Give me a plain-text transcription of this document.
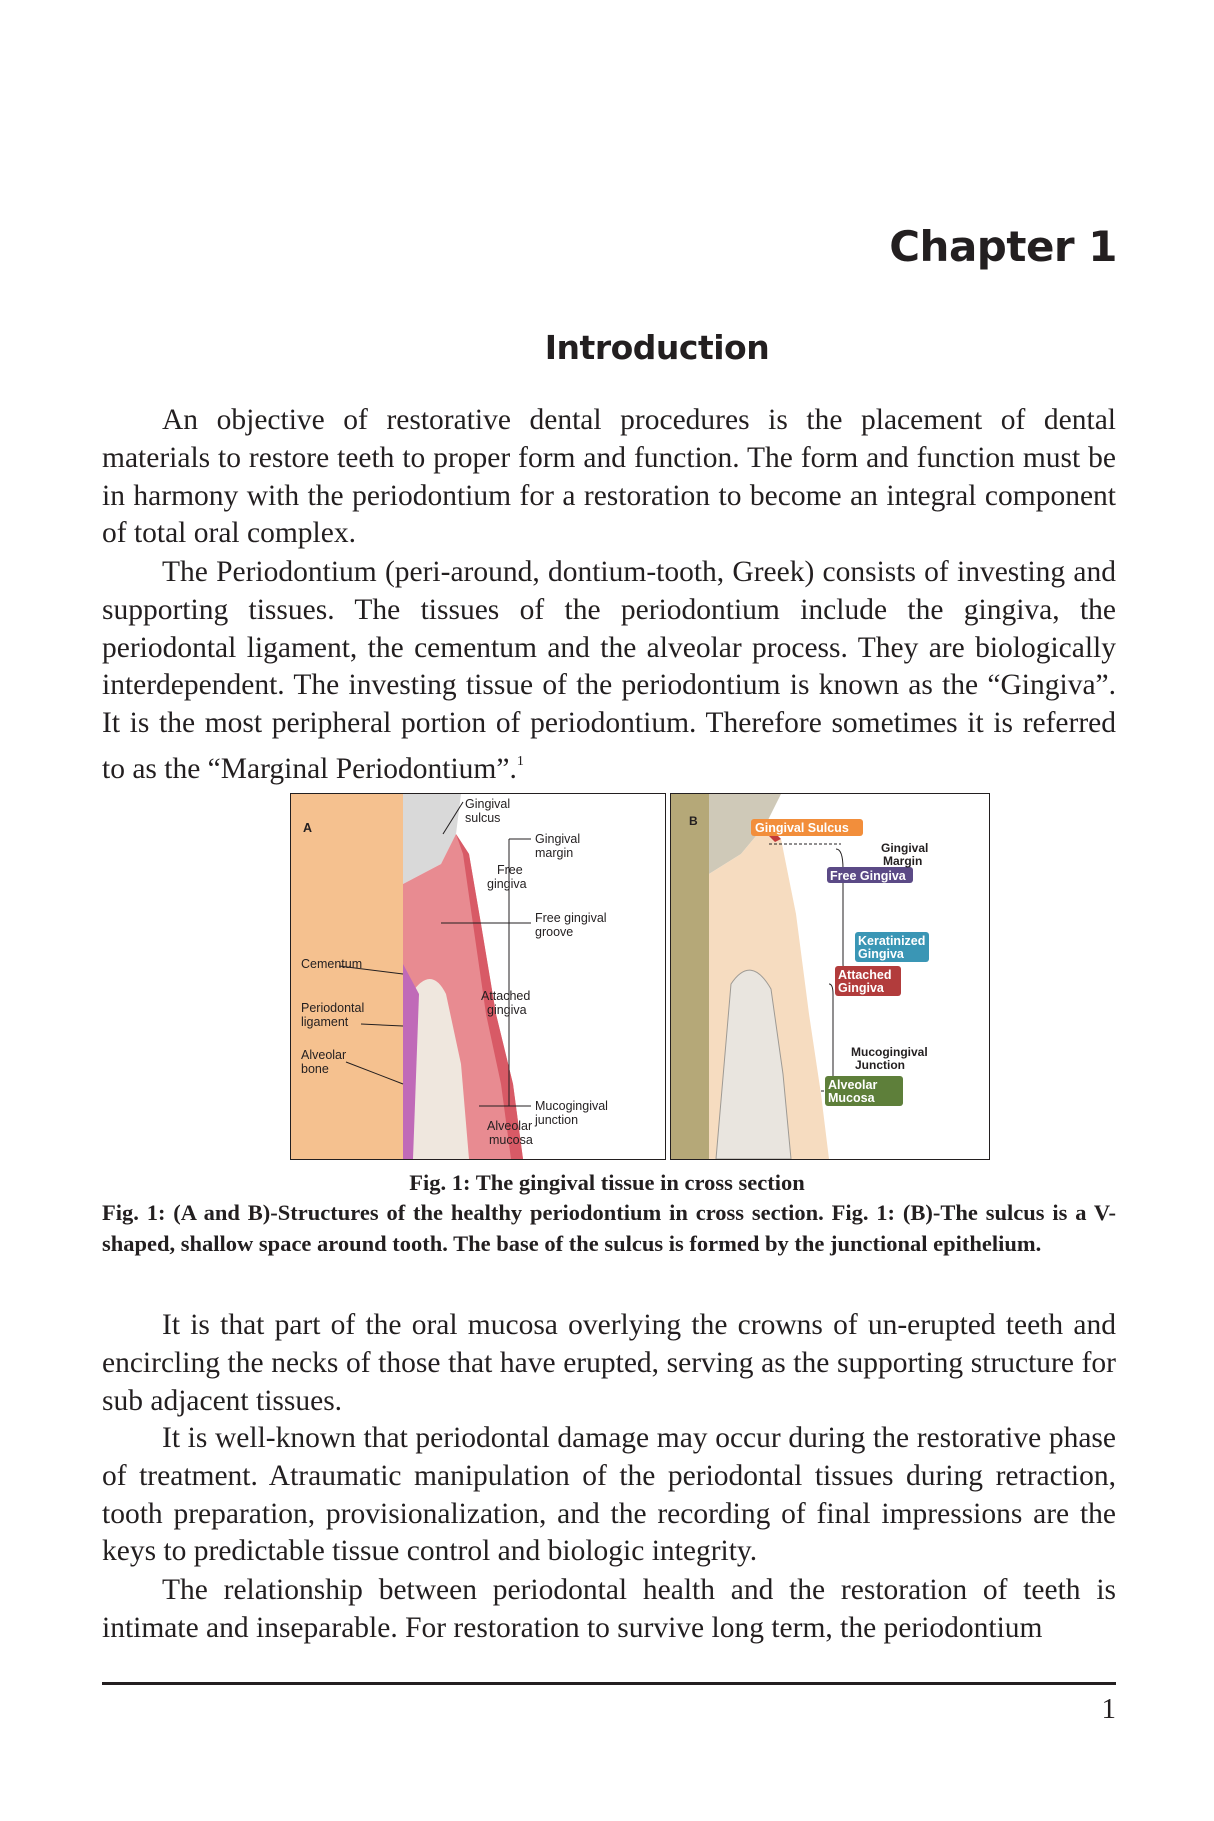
Chapter 1
Introduction

An objective of restorative dental procedures is the placement of dental materials to restore teeth to proper form and function. The form and function must be in harmony with the periodontium for a restoration to become an integral component of total oral complex.

The Periodontium (peri-around, dontium-tooth, Greek) consists of investing and supporting tissues. The tissues of the periodontium include the gingiva, the periodontal ligament, the cementum and the alveolar process. They are biologically interdependent. The investing tissue of the periodontium is known as the “Gingiva”. It is the most peripheral portion of periodontium. Therefore sometimes it is referred to as the “Marginal Periodontium”.$^1$

A
Gingival
sulcus
Gingival
margin
Free
gingiva
Free gingival
groove
Cementum
Attached
gingiva
Periodontal
ligament
Alveolar
bone
Mucogingival
junction
Alveolar
mucosa
Gingival Sulcus
Free Gingiva
Keratinized
Gingiva
Attached
Gingiva
Alveolar
Mucosa
B
Gingival
Margin
Mucogingival
Junction
Fig. 1: The gingival tissue in cross section

Fig. 1: (A and B)-Structures of the healthy periodontium in cross section. Fig. 1: (B)-The sulcus is a V-shaped, shallow space around tooth. The base of the sulcus is formed by the junctional epithelium.

It is that part of the oral mucosa overlying the crowns of un-erupted teeth and encircling the necks of those that have erupted, serving as the supporting structure for sub adjacent tissues.

It is well-known that periodontal damage may occur during the restorative phase of treatment. Atraumatic manipulation of the periodontal tissues during retraction, tooth preparation, provisionalization, and the recording of final impressions are the keys to predictable tissue control and biologic integrity.

The relationship between periodontal health and the restoration of teeth is intimate and inseparable. For restoration to survive long term, the periodontium

1
